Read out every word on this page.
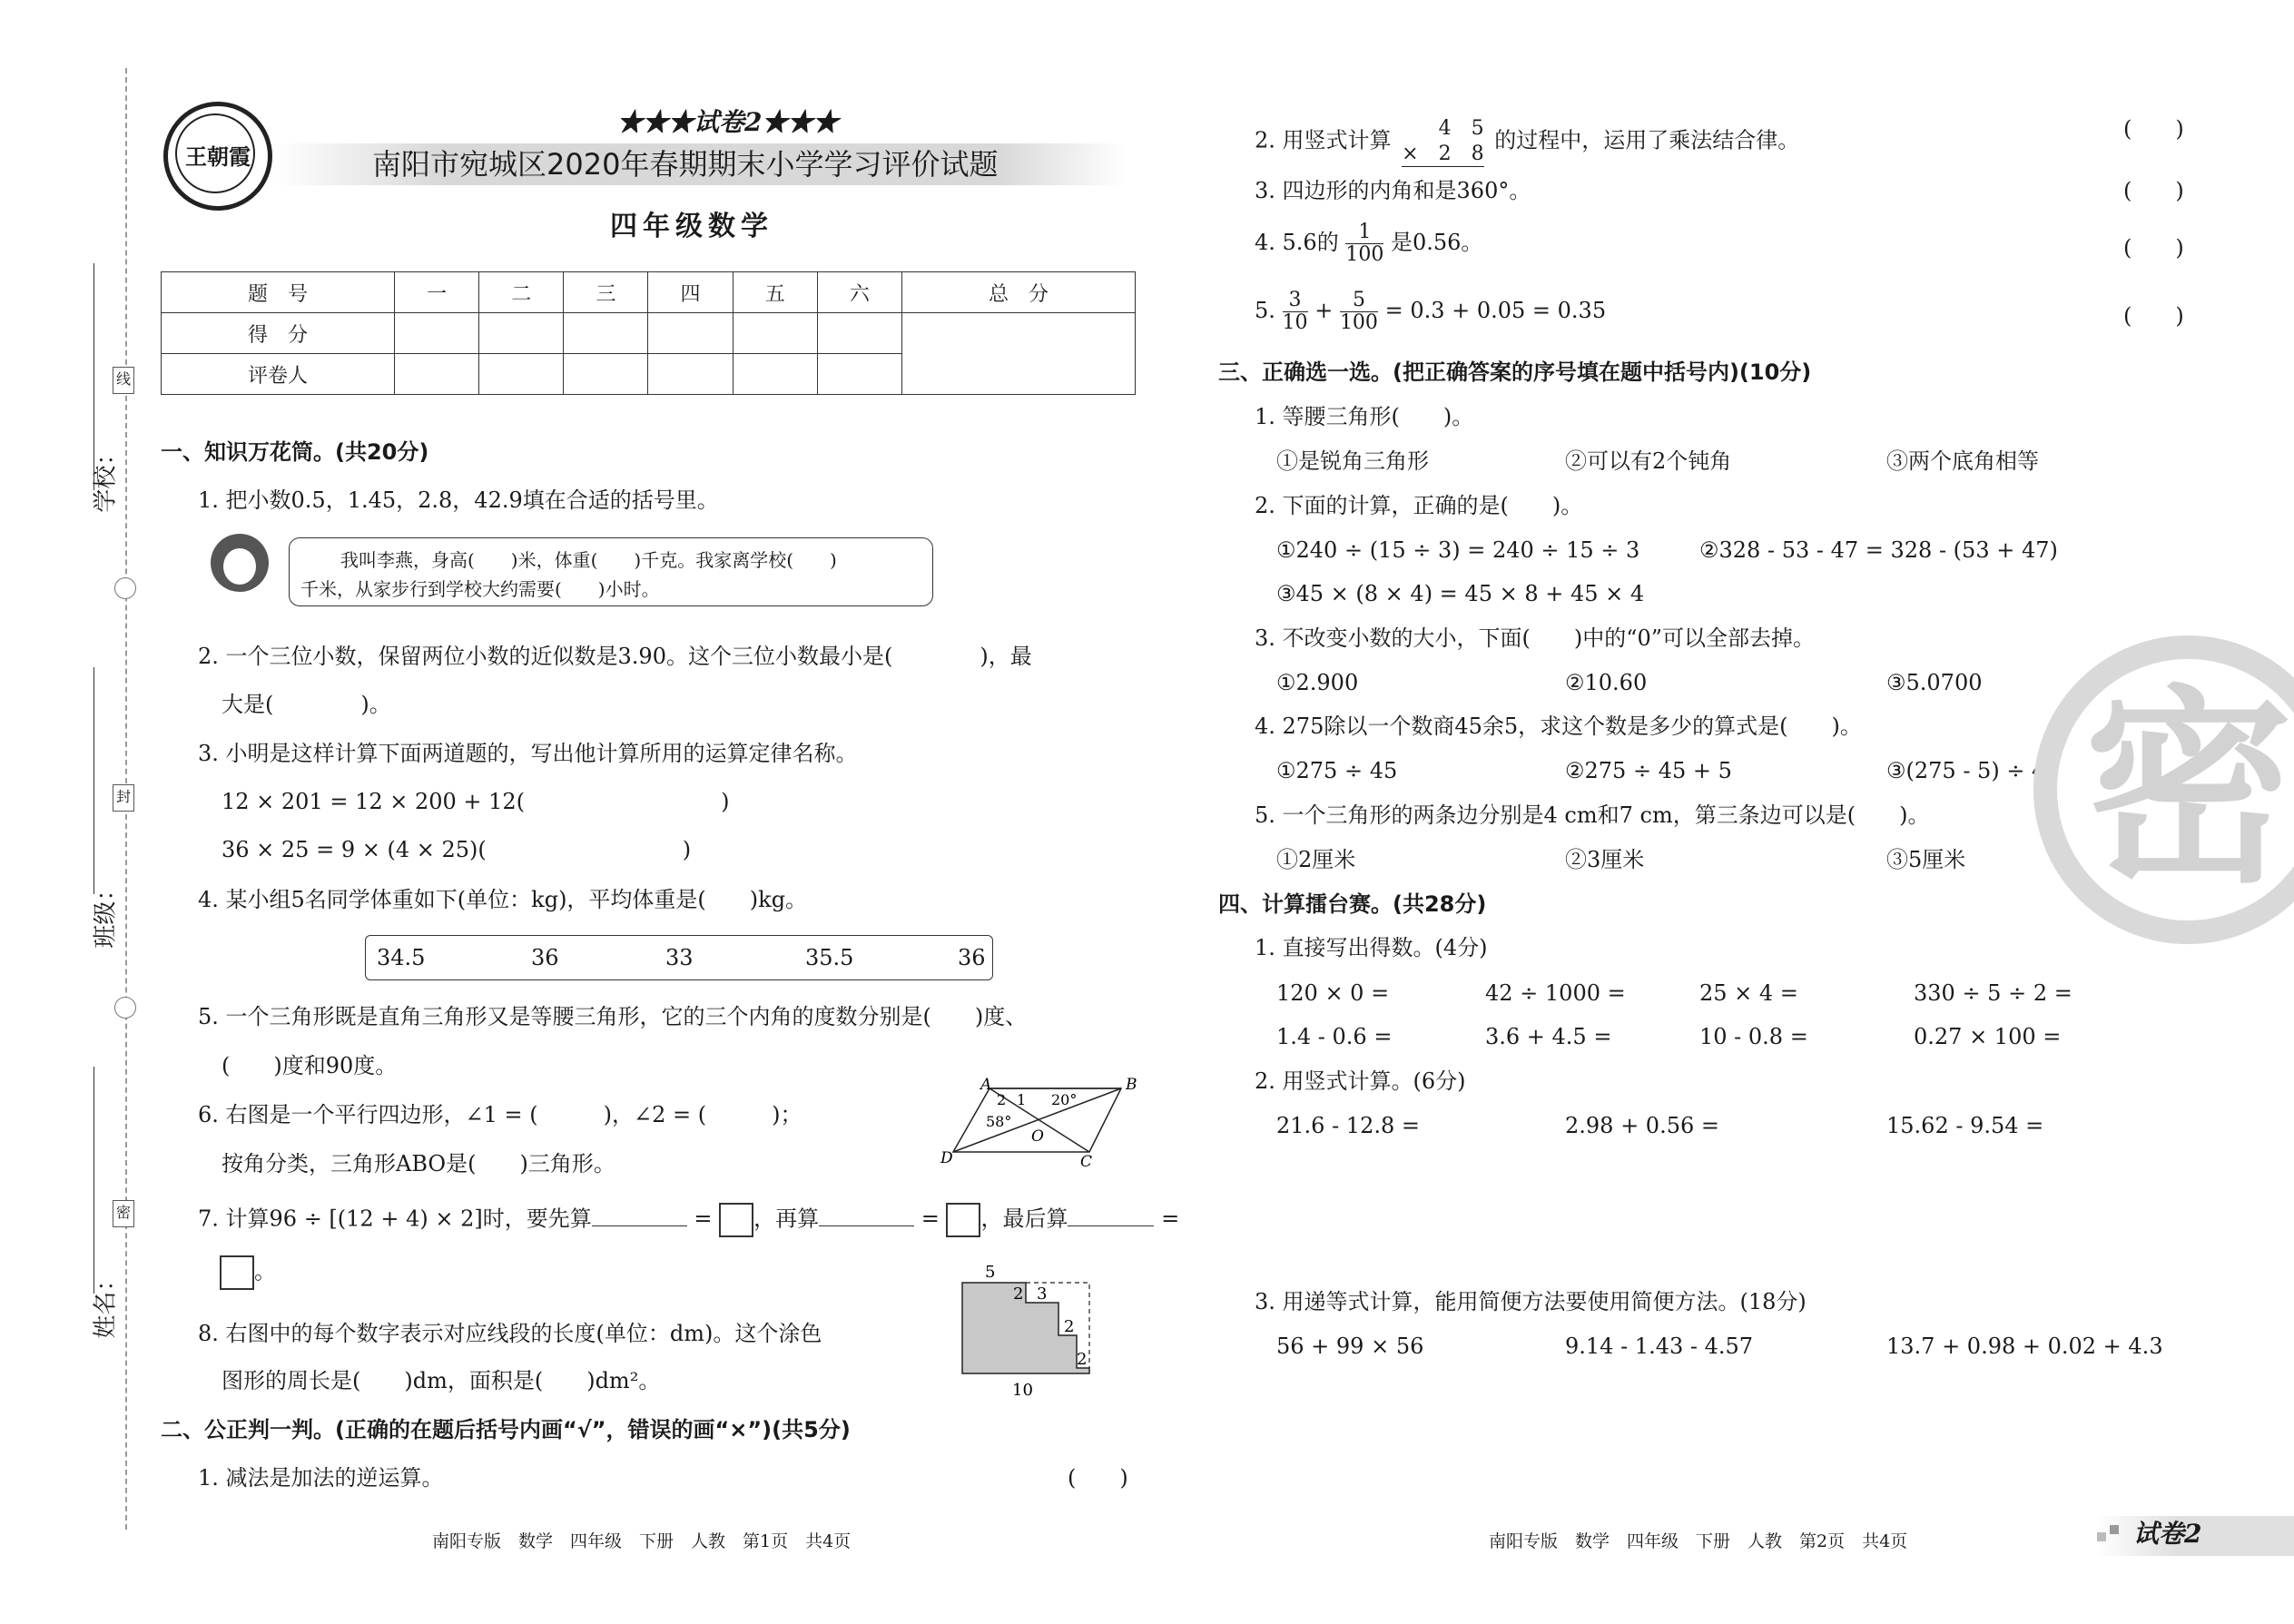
学校：
班级：
姓名：
线
封
密
王朝霞
★★★试卷2★★★
南阳市宛城区2020年春期期末小学学习评价试题
四年级数学
题　号	一	二	三	四	五	六	总　分
得　分							
评卷人							
一、知识万花筒。(共20分)
1. 把小数0.5，1.45，2.8，42.9填在合适的括号里。
我叫李燕，身高(　　)米，体重(　　)千克。我家离学校(　　)
千米，从家步行到学校大约需要(　　)小时。
2. 一个三位小数，保留两位小数的近似数是3.90。这个三位小数最小是(　　　　)，最
大是(　　　　)。
3. 小明是这样计算下面两道题的，写出他计算所用的运算定律名称。
12 × 201 = 12 × 200 + 12(　　　　　　　　　)
36 × 25 = 9 × (4 × 25)(　　　　　　　　　)
4. 某小组5名同学体重如下(单位：kg)，平均体重是(　　)kg。
34.5	36	33	35.5	36
5. 一个三角形既是直角三角形又是等腰三角形，它的三个内角的度数分别是(　　)度、
(　　)度和90度。
6. 右图是一个平行四边形，∠1 = (　　　)，∠2 = (　　　)；
按角分类，三角形ABO是(　　)三角形。
A	B
C
D
O
1
2	20°
58°
7. 计算96 ÷ [(12 + 4) × 2]时，要先算	= ，再算	= ，最后算	=
。
8. 右图中的每个数字表示对应线段的长度(单位：dm)。这个涂色
图形的周长是(　　)dm，面积是(　　)dm²。
5
10
2 3
2
2
二、公正判一判。(正确的在题后括号内画“√”，错误的画“×”)(共5分)
1. 减法是加法的逆运算。	(　　)
南阳专版　数学　四年级　下册　人教　第1页　共4页
2. 用竖式计算	4　5
×　2　8
的过程中，运用了乘法结合律。	(　　)
3. 四边形的内角和是360°。	(　　)
4. 5.6的 $\frac{1}{100}$ 是0.56。	(　　)
5. $\frac{3}{10} + \frac{5}{100} = 0.3 + 0.05 = 0.35$	(　　)
三、正确选一选。(把正确答案的序号填在题中括号内)(10分)
1. 等腰三角形(　　)。
①是锐角三角形	②可以有2个钝角	③两个底角相等
2. 下面的计算，正确的是(　　)。
①240 ÷ (15 ÷ 3) = 240 ÷ 15 ÷ 3	②328 - 53 - 47 = 328 - (53 + 47)
③45 × (8 × 4) = 45 × 8 + 45 × 4
3. 不改变小数的大小，下面(　　)中的“0”可以全部去掉。
①2.900	②10.60	③5.0700
4. 275除以一个数商45余5，求这个数是多少的算式是(　　)。
①275 ÷ 45	②275 ÷ 45 + 5	③(275 - 5) ÷ 45
5. 一个三角形的两条边分别是4 cm和7 cm，第三条边可以是(　　)。
①2厘米	②3厘米	③5厘米
四、计算擂台赛。(共28分)
1. 直接写出得数。(4分)
120 × 0 =	42 ÷ 1000 =	25 × 4 =	330 ÷ 5 ÷ 2 =
1.4 - 0.6 =	3.6 + 4.5 =	10 - 0.8 =	0.27 × 100 =
2. 用竖式计算。(6分)
21.6 - 12.8 =	2.98 + 0.56 =	15.62 - 9.54 =
3. 用递等式计算，能用简便方法要使用简便方法。(18分)
56 + 99 × 56	9.14 - 1.43 - 4.57	13.7 + 0.98 + 0.02 + 4.3
密
南阳专版　数学　四年级　下册　人教　第2页　共4页	试卷2
